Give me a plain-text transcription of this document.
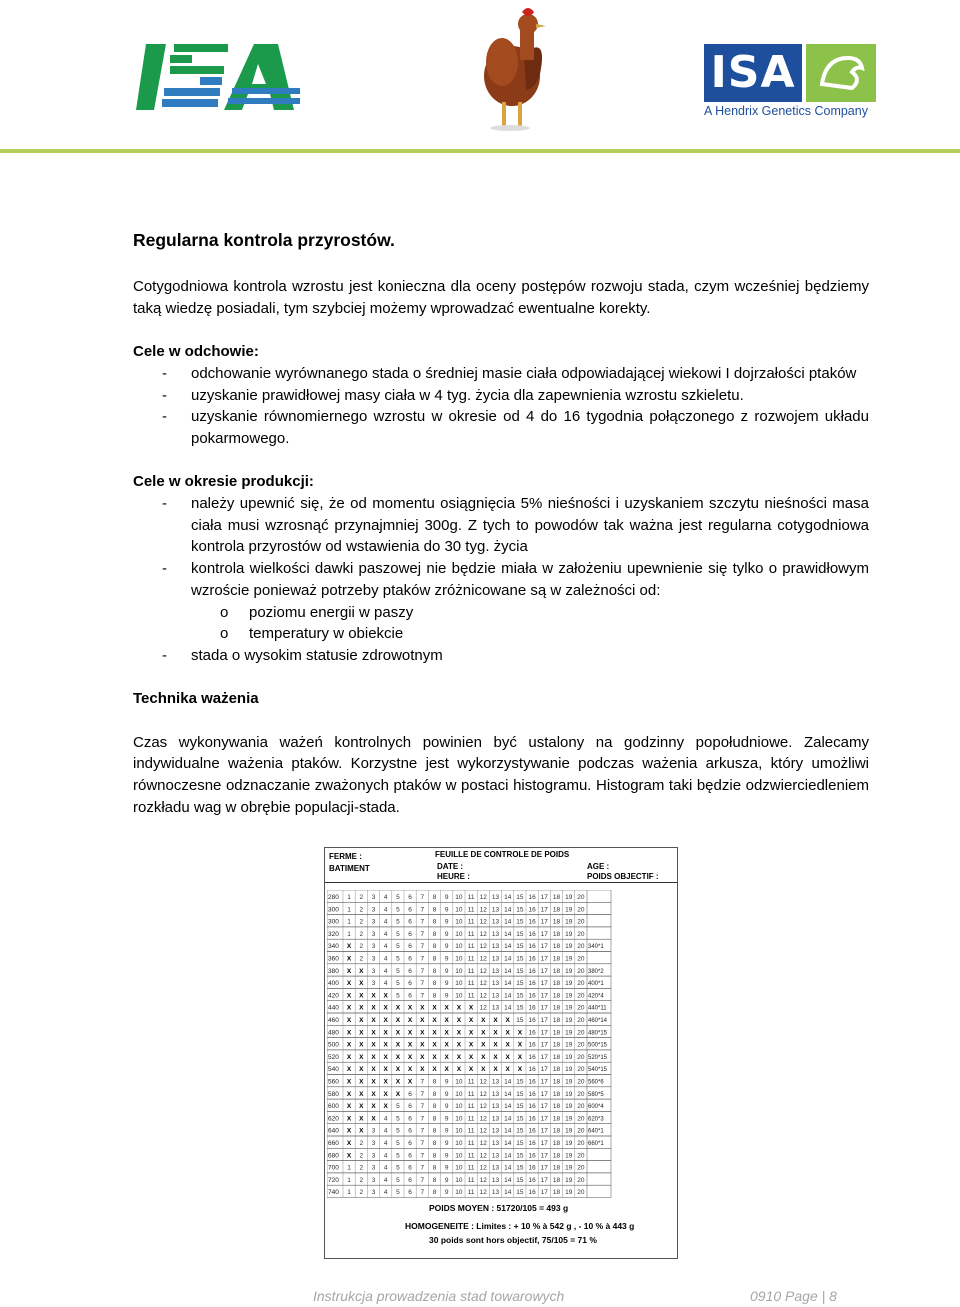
ISA
A Hendrix Genetics Company
Regularna kontrola przyrostów.

Cotygodniowa kontrola wzrostu jest konieczna dla oceny postępów rozwoju stada, czym wcześniej będziemy taką wiedzę posiadali, tym szybciej możemy wprowadzać ewentualne korekty.

Cele w odchowie:

- odchowanie wyrównanego stada o średniej masie ciała odpowiadającej wiekowi I dojrzałości ptaków
- uzyskanie prawidłowej masy ciała w 4 tyg. życia dla zapewnienia wzrostu szkieletu.
- uzyskanie równomiernego wzrostu w okresie od 4 do 16 tygodnia połączonego z rozwojem układu pokarmowego.

Cele w okresie produkcji:

- należy upewnić się, że od momentu osiągnięcia 5% nieśności i uzyskaniem szczytu nieśności masa ciała musi wzrosnąć przynajmniej 300g. Z tych to powodów tak ważna jest regularna cotygodniowa kontrola przyrostów od wstawienia do 30 tyg. życia
- kontrola wielkości dawki paszowej nie będzie miała w założeniu upewnienie się tylko o prawidłowym wzroście ponieważ potrzeby ptaków zróżnicowane są w zależności od:
o poziomu energii w paszy
o temperatury w obiekcie
- stada o wysokim statusie zdrowotnym

Technika ważenia

Czas wykonywania ważeń kontrolnych powinien być ustalony na godzinny popołudniowe. Zalecamy indywidualne ważenia ptaków. Korzystne jest wykorzystywanie podczas ważenia arkusza, który umożliwi równoczesne odznaczanie zważonych ptaków w postaci histogramu. Histogram taki będzie odzwierciedleniem rozkładu wag w obrębie populacji-stada.

FERME :
BATIMENT
FEUILLE DE CONTROLE DE POIDS
DATE :
HEURE :
AGE :
POIDS OBJECTIF :
280 1 2 3 4 5 6 7 8 9 10 11 12 13 14 15 16 17 18 19 20
300 1 2 3 4 5 6 7 8 9 10 11 12 13 14 15 16 17 18 19 20
300 1 2 3 4 5 6 7 8 9 10 11 12 13 14 15 16 17 18 19 20
320 1 2 3 4 5 6 7 8 9 10 11 12 13 14 15 16 17 18 19 20
340 X 2 3 4 5 6 7 8 9 10 11 12 13 14 15 16 17 18 19 20 340*1
360 X 2 3 4 5 6 7 8 9 10 11 12 13 14 15 16 17 18 19 20
380 X X 3 4 5 6 7 8 9 10 11 12 13 14 15 16 17 18 19 20 380*2
400 X X 3 4 5 6 7 8 9 10 11 12 13 14 15 16 17 18 19 20 400*1
420 X X X X 5 6 7 8 9 10 11 12 13 14 15 16 17 18 19 20 420*4
440 X X X X X X X X X X X 12 13 14 15 16 17 18 19 20 440*11
460 X X X X X X X X X X X X X X 15 16 17 18 19 20 460*14
480 X X X X X X X X X X X X X X X 16 17 18 19 20 480*15
500 X X X X X X X X X X X X X X X 16 17 18 19 20 500*15
520 X X X X X X X X X X X X X X X 16 17 18 19 20 520*15
540 X X X X X X X X X X X X X X X 16 17 18 19 20 540*15
560 X X X X X X 7 8 9 10 11 12 13 14 15 16 17 18 19 20 560*6
580 X X X X X 6 7 8 9 10 11 12 13 14 15 16 17 18 19 20 580*5
600 X X X X 5 6 7 8 9 10 11 12 13 14 15 16 17 18 19 20 600*4
620 X X X 4 5 6 7 8 9 10 11 12 13 14 15 16 17 18 19 20 620*3
640 X X 3 4 5 6 7 8 9 10 11 12 13 14 15 16 17 18 19 20 640*1
660 X 2 3 4 5 6 7 8 9 10 11 12 13 14 15 16 17 18 19 20 660*1
680 X 2 3 4 5 6 7 8 9 10 11 12 13 14 15 16 17 18 19 20
700 1 2 3 4 5 6 7 8 9 10 11 12 13 14 15 16 17 18 19 20
720 1 2 3 4 5 6 7 8 9 10 11 12 13 14 15 16 17 18 19 20
740 1 2 3 4 5 6 7 8 9 10 11 12 13 14 15 16 17 18 19 20
POIDS MOYEN : 51720/105 = 493 g
HOMOGENEITE : Limites : + 10 % à 542 g , - 10 % à 443 g
30 poids sont hors objectif, 75/105 = 71 %
Instrukcja prowadzenia stad towarowych	0910 Page | 8
